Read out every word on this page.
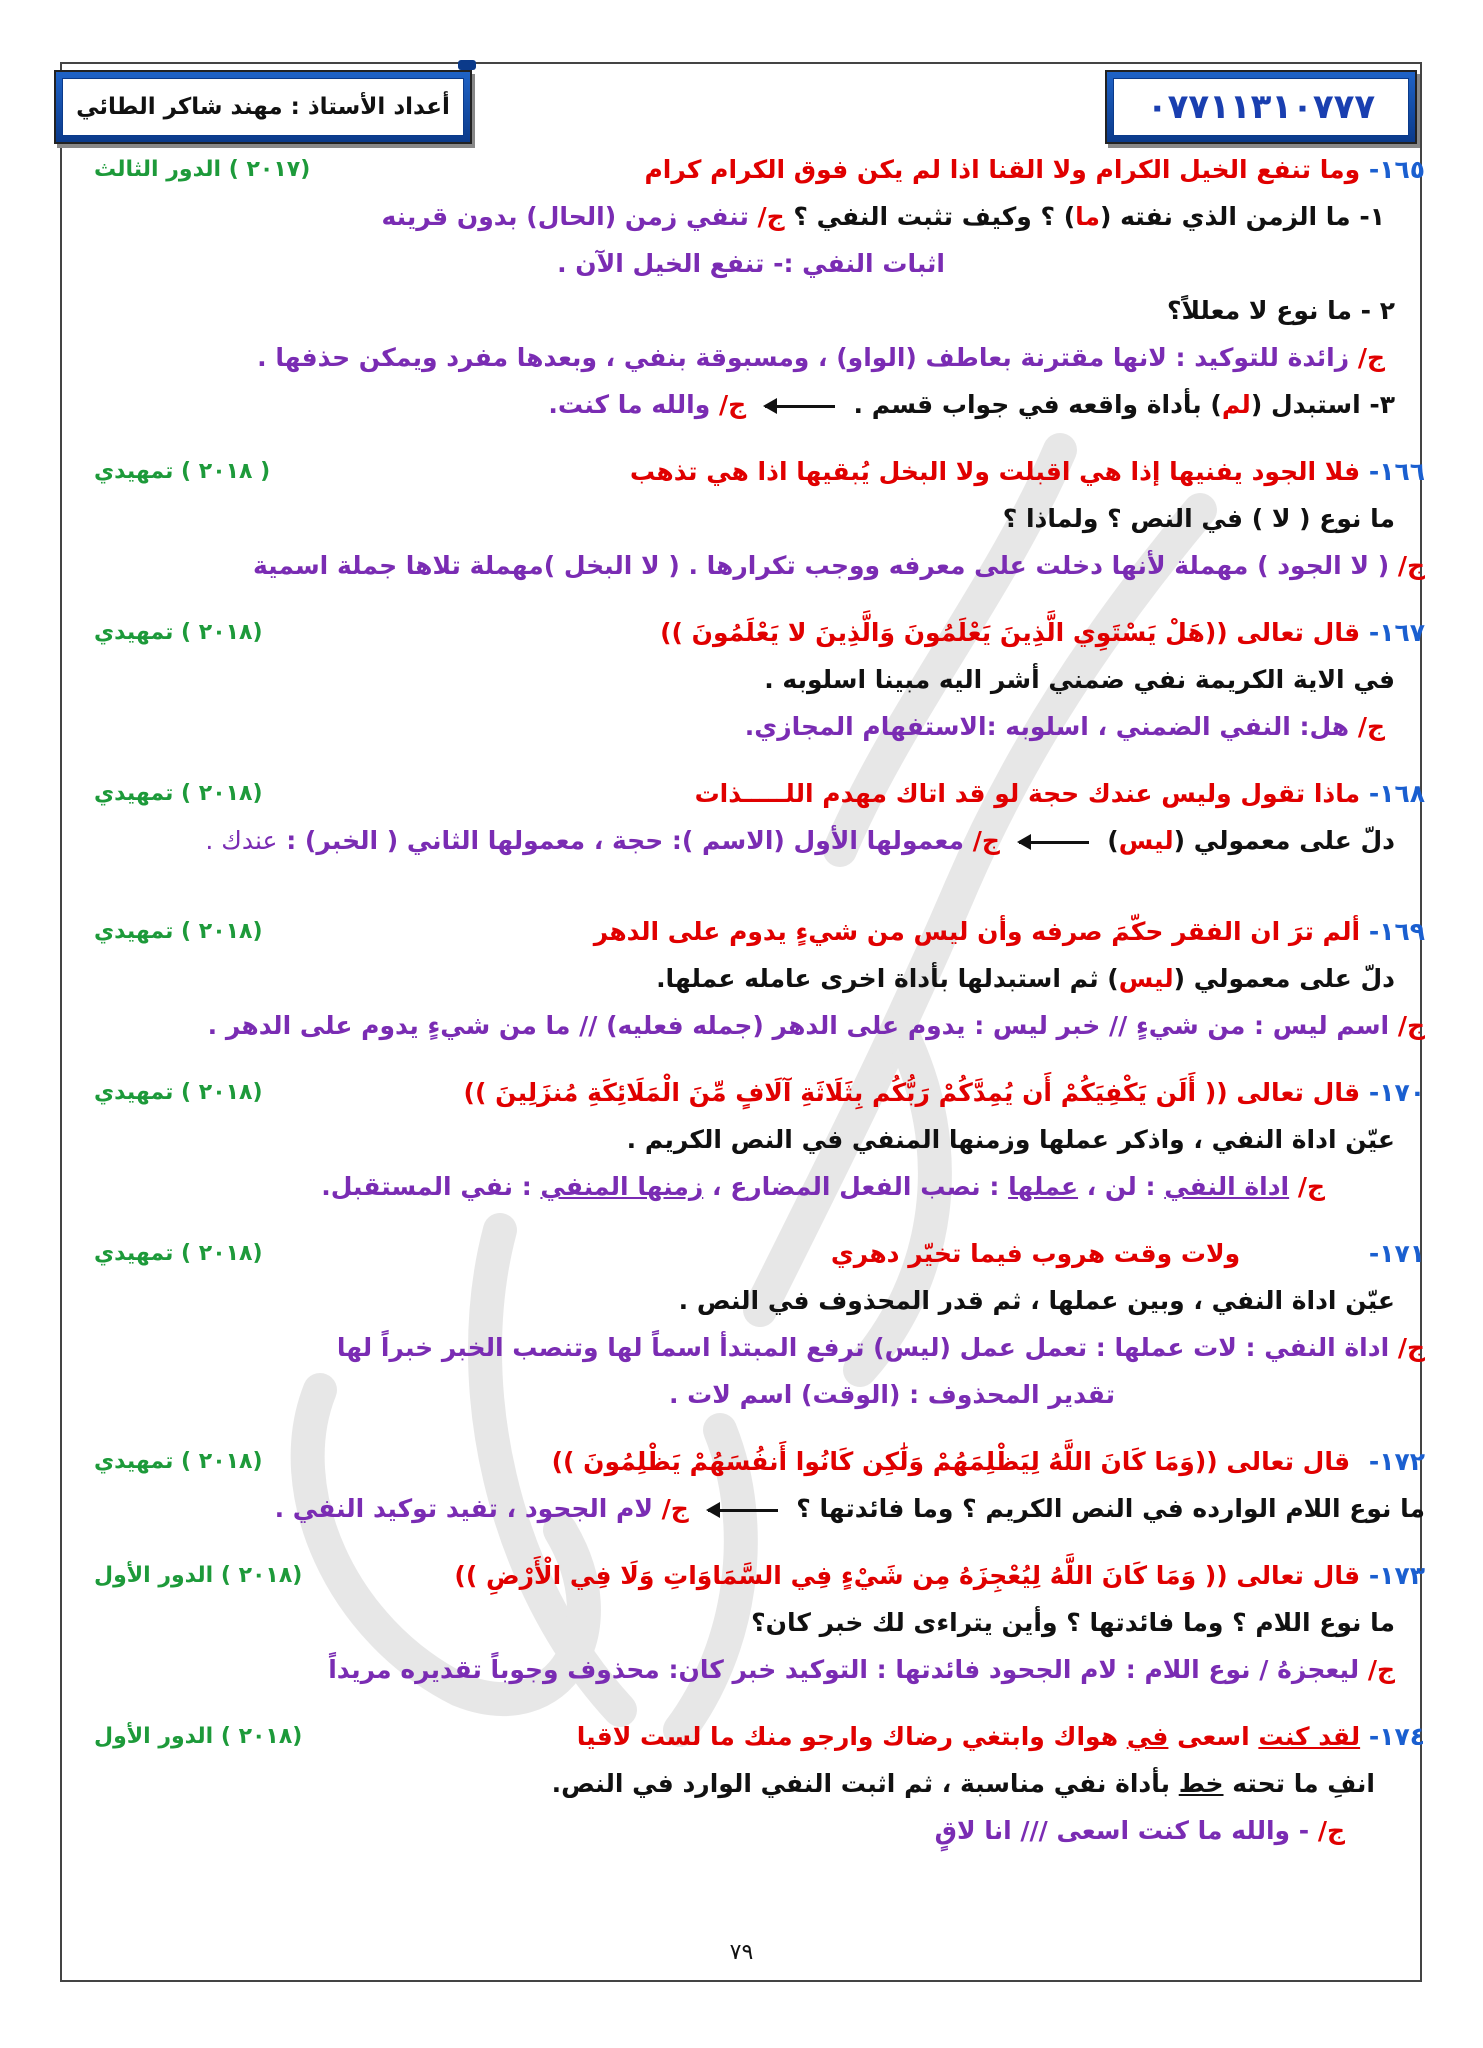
٠٧٧١١٣١٠٧٧٧
أعداد الأستاذ : مهند شاكر الطائي
١٦٥- وما تنفع الخيل الكرام ولا القنا اذا لم يكن فوق الكرام كرام
(٢٠١٧ ) الدور الثالث
١- ما الزمن الذي نفته (ما) ؟ وكيف تثبت النفي ؟ ج/ تنفي زمن (الحال) بدون قرينه
اثبات النفي :- تنفع الخيل الآن .
٢ - ما نوع لا معللاً؟
ج/ زائدة للتوكيد : لانها مقترنة بعاطف (الواو) ، ومسبوقة بنفي ، وبعدها مفرد ويمكن حذفها .
٣- استبدل (لم) بأداة واقعه في جواب قسم .  ج/ والله ما كنت.
١٦٦- فلا الجود يفنيها إذا هي اقبلت ولا البخل يُبقيها اذا هي تذهب
( ٢٠١٨ ) تمهيدي
ما نوع ( لا ) في النص ؟ ولماذا ؟
ج/ ( لا الجود ) مهملة لأنها دخلت على معرفه ووجب تكرارها . ( لا البخل )مهملة تلاها جملة اسمية
١٦٧- قال تعالى ((هَلْ يَسْتَوِي الَّذِينَ يَعْلَمُونَ وَالَّذِينَ لا يَعْلَمُونَ ))
(٢٠١٨ ) تمهيدي
في الاية الكريمة نفي ضمني أشر اليه مبينا اسلوبه .
ج/ هل: النفي الضمني ، اسلوبه :الاستفهام المجازي.
١٦٨- ماذا تقول وليس عندك حجة لو قد اتاك مهدم اللـــــذات
(٢٠١٨ ) تمهيدي
دلّ على معمولي (ليس)  ج/ معمولها الأول (الاسم ): حجة ، معمولها الثاني ( الخبر) : عندك .
١٦٩- ألم ترَ ان الفقر حكّمَ صرفه وأن ليس من شيءٍ يدوم على الدهر
(٢٠١٨ ) تمهيدي
دلّ على معمولي (ليس) ثم استبدلها بأداة اخرى عامله عملها.
ج/ اسم ليس : من شيءٍ // خبر ليس : يدوم على الدهر (جمله فعليه) // ما من شيءٍ يدوم على الدهر .
١٧٠- قال تعالى (( أَلَن يَكْفِيَكُمْ أَن يُمِدَّكُمْ رَبُّكُم بِثَلَاثَةِ آلَافٍ مِّنَ الْمَلَائِكَةِ مُنزَلِينَ ))
(٢٠١٨ ) تمهيدي
عيّن اداة النفي ، واذكر عملها وزمنها المنفي في النص الكريم .
ج/ اداة النفي : لن ، عملها : نصب الفعل المضارع ، زمنها المنفي : نفي المستقبل.
١٧١- ولات وقت هروب فيما تخيّر دهري
(٢٠١٨ ) تمهيدي
عيّن اداة النفي ، وبين عملها ، ثم قدر المحذوف في النص .
ج/ اداة النفي : لات عملها : تعمل عمل (ليس) ترفع المبتدأ اسماً لها وتنصب الخبر خبراً لها
تقدير المحذوف : (الوقت) اسم لات .
١٧٢- قال تعالى ((وَمَا كَانَ اللَّهُ لِيَظْلِمَهُمْ وَلَٰكِن كَانُوا أَنفُسَهُمْ يَظْلِمُونَ ))
(٢٠١٨ ) تمهيدي
ما نوع اللام الوارده في النص الكريم ؟ وما فائدتها ؟  ج/ لام الجحود ، تفيد توكيد النفي .
١٧٣- قال تعالى (( وَمَا كَانَ اللَّهُ لِيُعْجِزَهُ مِن شَيْءٍ فِي السَّمَاوَاتِ وَلَا فِي الْأَرْضِ ))
(٢٠١٨ ) الدور الأول
ما نوع اللام ؟ وما فائدتها ؟ وأين يتراءى لك خبر كان؟
ج/ ليعجزهُ / نوع اللام : لام الجحود فائدتها : التوكيد خبر كان: محذوف وجوباً تقديره مريداً
١٧٤- لقد كنت اسعى في هواك وابتغي رضاك وارجو منك ما لست لاقيا
(٢٠١٨ ) الدور الأول
انفِ ما تحته خط بأداة نفي مناسبة ، ثم اثبت النفي الوارد في النص.
ج/ - والله ما كنت اسعى /// انا لاقٍ
٧٩
